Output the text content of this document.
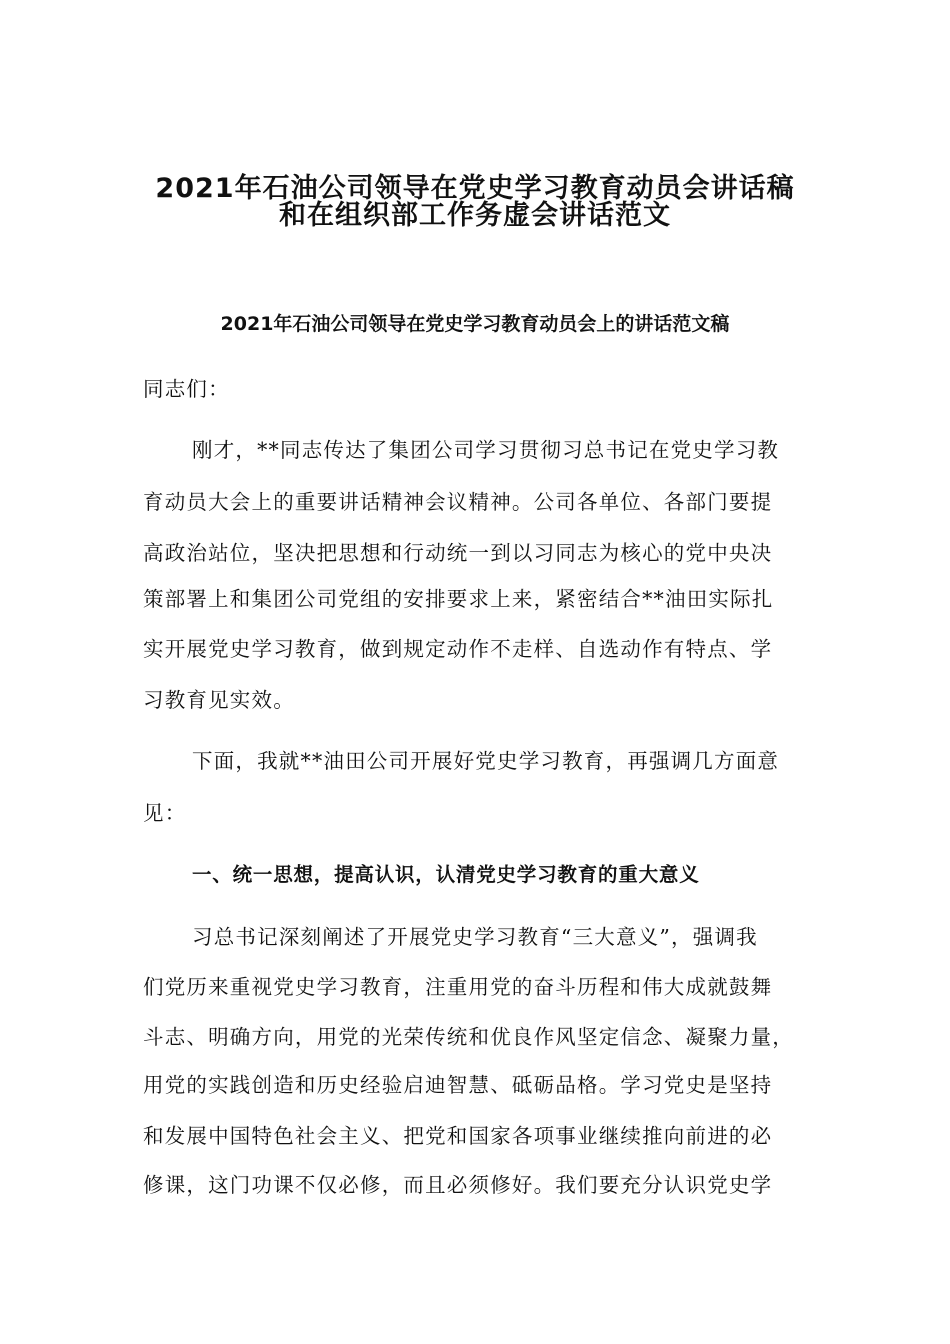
2021年石油公司领导在党史学习教育动员会讲话稿
和在组织部工作务虚会讲话范文
2021年石油公司领导在党史学习教育动员会上的讲话范文稿
同志们：
刚才，**同志传达了集团公司学习贯彻习总书记在党史学习教
育动员大会上的重要讲话精神会议精神。公司各单位、各部门要提
高政治站位，坚决把思想和行动统一到以习同志为核心的党中央决
策部署上和集团公司党组的安排要求上来，紧密结合**油田实际扎
实开展党史学习教育，做到规定动作不走样、自选动作有特点、学
习教育见实效。
下面，我就**油田公司开展好党史学习教育，再强调几方面意
见：
一、统一思想，提高认识，认清党史学习教育的重大意义
习总书记深刻阐述了开展党史学习教育“三大意义”，强调我
们党历来重视党史学习教育，注重用党的奋斗历程和伟大成就鼓舞
斗志、明确方向，用党的光荣传统和优良作风坚定信念、凝聚力量，
用党的实践创造和历史经验启迪智慧、砥砺品格。学习党史是坚持
和发展中国特色社会主义、把党和国家各项事业继续推向前进的必
修课，这门功课不仅必修，而且必须修好。我们要充分认识党史学
